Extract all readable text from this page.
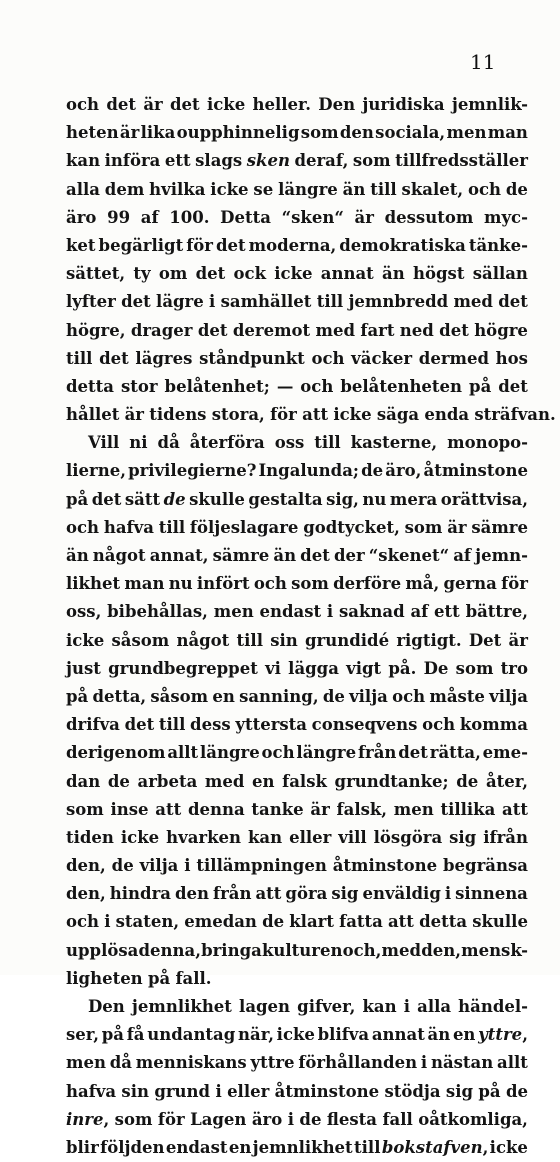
11
och det är det icke heller. Den juridiska jemnlik-
heten är lika oupphinnelig som den sociala, men man
kan införa ett slags sken deraf, som tillfredsställer
alla dem hvilka icke se längre än till skalet, och de
äro 99 af 100. Detta “sken“ är dessutom myc-
ket begärligt för det moderna, demokratiska tänke-
sättet, ty om det ock icke annat än högst sällan
lyfter det lägre i samhället till jemnbredd med det
högre, drager det deremot med fart ned det högre
till det lägres ståndpunkt och väcker dermed hos
detta stor belåtenhet; — och belåtenheten på det
hållet är tidens stora, för att icke säga enda sträfvan.
Vill ni då återföra oss till kasterne, monopo-
lierne, privilegierne? Ingalunda; de äro, åtminstone
på det sätt de skulle gestalta sig, nu mera orättvisa,
och hafva till följeslagare godtycket, som är sämre
än något annat, sämre än det der “skenet“ af jemn-
likhet man nu infört och som derföre må, gerna för
oss, bibehållas, men endast i saknad af ett bättre,
icke såsom något till sin grundidé rigtigt. Det är
just grundbegreppet vi lägga vigt på. De som tro
på detta, såsom en sanning, de vilja och måste vilja
drifva det till dess yttersta conseqvens och komma
derigenom allt längre och längre från det rätta, eme-
dan de arbeta med en falsk grundtanke; de åter,
som inse att denna tanke är falsk, men tillika att
tiden icke hvarken kan eller vill lösgöra sig ifrån
den, de vilja i tillämpningen åtminstone begränsa
den, hindra den från att göra sig enväldig i sinnena
och i staten, emedan de klart fatta att detta skulle
upplösa denna, bringa kulturen och, med den, mensk-
ligheten på fall.
Den jemnlikhet lagen gifver, kan i alla händel-
ser, på få undantag när, icke blifva annat än en yttre,
men då menniskans yttre förhållanden i nästan allt
hafva sin grund i eller åtminstone stödja sig på de
inre, som för Lagen äro i de flesta fall oåtkomliga,
blir följden endast en jemnlikhet till bokstafven, icke
